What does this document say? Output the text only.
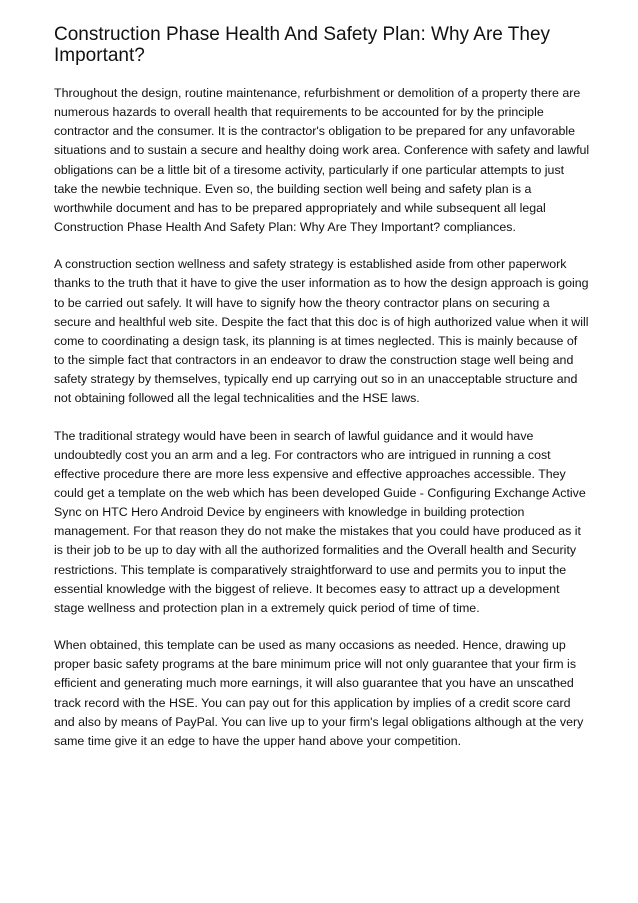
Construction Phase Health And Safety Plan: Why Are They Important?

Throughout the design, routine maintenance, refurbishment or demolition of a property there are numerous hazards to overall health that requirements to be accounted for by the principle contractor and the consumer. It is the contractor's obligation to be prepared for any unfavorable situations and to sustain a secure and healthy doing work area. Conference with safety and lawful obligations can be a little bit of a tiresome activity, particularly if one particular attempts to just take the newbie technique. Even so, the building section well being and safety plan is a worthwhile document and has to be prepared appropriately and while subsequent all legal Construction Phase Health And Safety Plan: Why Are They Important? compliances.

A construction section wellness and safety strategy is established aside from other paperwork thanks to the truth that it have to give the user information as to how the design approach is going to be carried out safely. It will have to signify how the theory contractor plans on securing a secure and healthful web site. Despite the fact that this doc is of high authorized value when it will come to coordinating a design task, its planning is at times neglected. This is mainly because of to the simple fact that contractors in an endeavor to draw the construction stage well being and safety strategy by themselves, typically end up carrying out so in an unacceptable structure and not obtaining followed all the legal technicalities and the HSE laws.

The traditional strategy would have been in search of lawful guidance and it would have undoubtedly cost you an arm and a leg. For contractors who are intrigued in running a cost effective procedure there are more less expensive and effective approaches accessible. They could get a template on the web which has been developed Guide - Configuring Exchange Active Sync on HTC Hero Android Device by engineers with knowledge in building protection management. For that reason they do not make the mistakes that you could have produced as it is their job to be up to day with all the authorized formalities and the Overall health and Security restrictions. This template is comparatively straightforward to use and permits you to input the essential knowledge with the biggest of relieve. It becomes easy to attract up a development stage wellness and protection plan in a extremely quick period of time of time.

When obtained, this template can be used as many occasions as needed. Hence, drawing up proper basic safety programs at the bare minimum price will not only guarantee that your firm is efficient and generating much more earnings, it will also guarantee that you have an unscathed track record with the HSE. You can pay out for this application by implies of a credit score card and also by means of PayPal. You can live up to your firm's legal obligations although at the very same time give it an edge to have the upper hand above your competition.
